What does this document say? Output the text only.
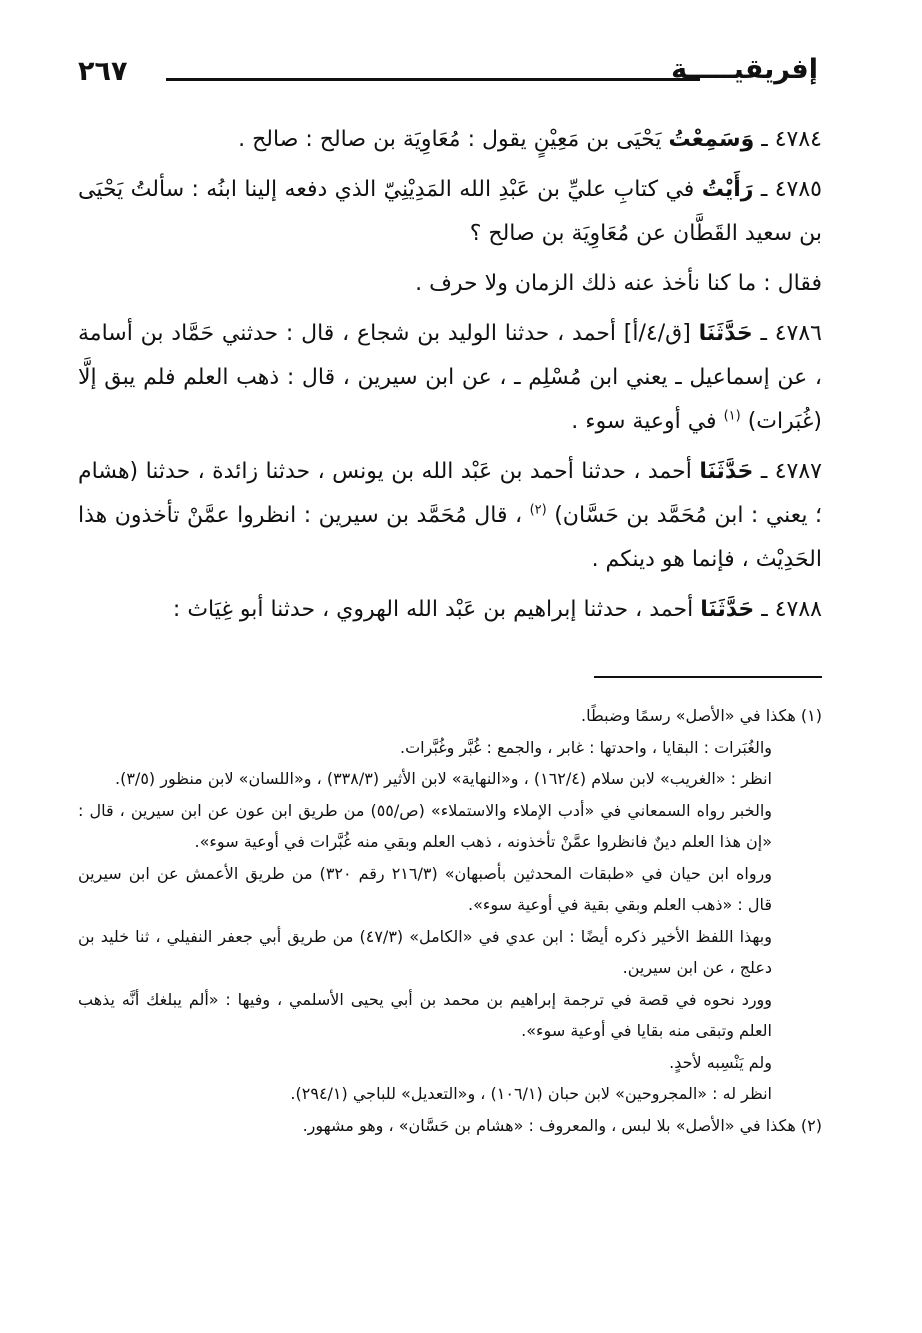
٢٦٧	إفريقيـــــة

٤٧٨٤ ـ وَسَمِعْتُ يَحْيَى بن مَعِيْنٍ يقول : مُعَاوِيَة بن صالح : صالح .

٤٧٨٥ ـ رَأَيْتُ في كتابِ عليِّ بن عَبْدِ الله المَدِيْنِيّ الذي دفعه إلينا ابنُه : سألتُ يَحْيَى بن سعيد القَطَّان عن مُعَاوِيَة بن صالح ؟

فقال : ما كنا نأخذ عنه ذلك الزمان ولا حرف .

٤٧٨٦ ـ حَدَّثَنَا [ق/٤/أ] أحمد ، حدثنا الوليد بن شجاع ، قال : حدثني حَمَّاد بن أسامة ، عن إسماعيل ـ يعني ابن مُسْلِم ـ ، عن ابن سيرين ، قال : ذهب العلم فلم يبق إلَّا (غُبَرات) $^{(١)}$ في أوعية سوء .

٤٧٨٧ ـ حَدَّثَنَا أحمد ، حدثنا أحمد بن عَبْد الله بن يونس ، حدثنا زائدة ، حدثنا (هشام ؛ يعني : ابن مُحَمَّد بن حَسَّان) $^{(٢)}$ ، قال مُحَمَّد بن سيرين : انظروا عمَّنْ تأخذون هذا الحَدِيْث ، فإنما هو دينكم .

٤٧٨٨ ـ حَدَّثَنَا أحمد ، حدثنا إبراهيم بن عَبْد الله الهروي ، حدثنا أبو غِيَاث :

(١) هكذا في «الأصل» رسمًا وضبطًا.

والغُبَرات : البقايا ، واحدتها : غابر ، والجمع : غُبَّر وغُبَّرات.

انظر : «الغريب» لابن سلام (١٦٢/٤) ، و«النهاية» لابن الأثير (٣٣٨/٣) ، و«اللسان» لابن منظور (٣/٥).

والخبر رواه السمعاني في «أدب الإملاء والاستملاء» (ص/٥٥) من طريق ابن عون عن ابن سيرين ، قال : «إن هذا العلم دينٌ فانظروا عمَّنْ تأخذونه ، ذهب العلم وبقي منه غُبَّرات في أوعية سوء».

ورواه ابن حيان في «طبقات المحدثين بأصبهان» (٢١٦/٣ رقم ٣٢٠) من طريق الأعمش عن ابن سيرين قال : «ذهب العلم وبقي بقية في أوعية سوء».

وبهذا اللفظ الأخير ذكره أيضًا : ابن عدي في «الكامل» (٤٧/٣) من طريق أبي جعفر النفيلي ، ثنا خليد بن دعلج ، عن ابن سيرين.

وورد نحوه في قصة في ترجمة إبراهيم بن محمد بن أبي يحيى الأسلمي ، وفيها : «ألم يبلغك أنَّه يذهب العلم وتبقى منه بقايا في أوعية سوء».

ولم يَنْسِبه لأحدٍ.

انظر له : «المجروحين» لابن حبان (١٠٦/١) ، و«التعديل» للباجي (٢٩٤/١).

(٢) هكذا في «الأصل» بلا لبس ، والمعروف : «هشام بن حَسَّان» ، وهو مشهور.
